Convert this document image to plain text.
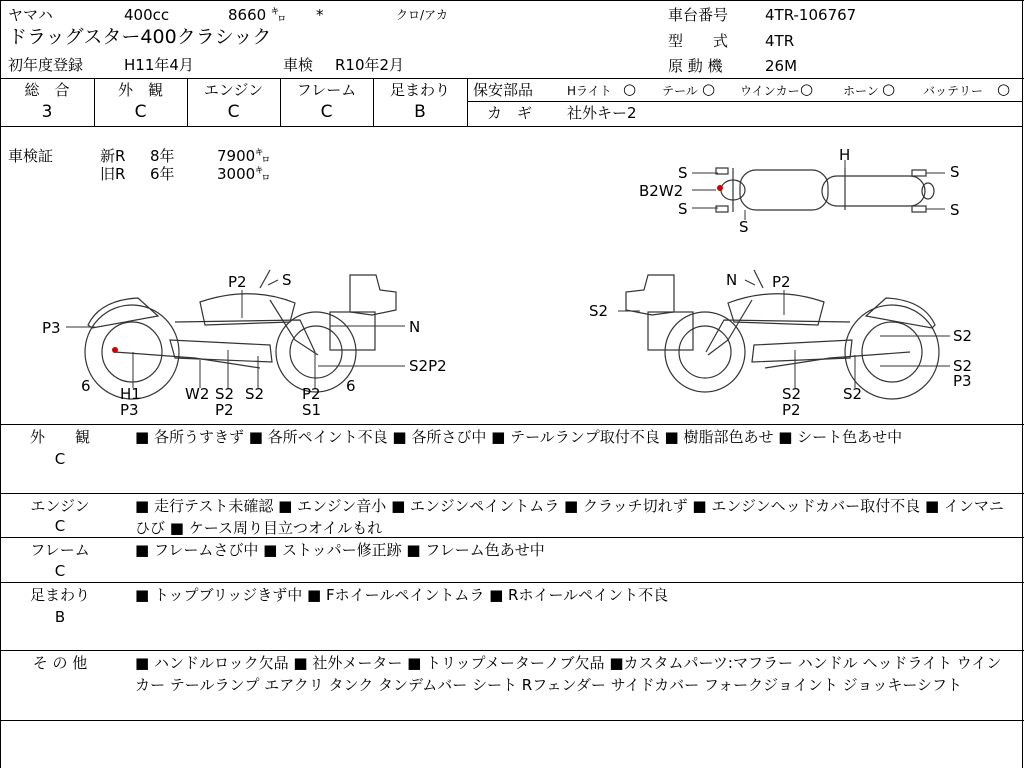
ヤマハ	400cc	8660 ㌔ *	クロ/アカ
ドラッグスター400クラシック
初年度登録	H11年4月	車検 R10年2月
車台番号 4TR-106767
型　　式 4TR
原 動 機	26M
総　合	外　観	エンジン	フレーム	足まわり
3	C	C	C	B
保安部品	Hライト ○ テール ○ ウインカー ○ ホーン ○ バッテリー ○
カ　ギ 社外キー2
車検証	新R 8年	7900㌔
旧R 6年	3000㌔	S
B2W2
S
H
S
S
S
P2 S
P3	N
S2P2
6 H1
P3
W2
P2
S2 S2	P2
S1
6
N P2
S2
S2
S2
P3
S2
P2
S2
外　　観
C
■ 各所うすきず ■ 各所ペイント不良 ■ 各所さび中 ■ テールランプ取付不良 ■ 樹脂部色あせ ■ シート色あせ中
エンジン
C
■ 走行テスト未確認 ■ エンジン音小 ■ エンジンペイントムラ ■ クラッチ切れず ■ エンジンヘッドカバー取付不良 ■ インマニひび ■ ケース周り目立つオイルもれ
フレーム
C
■ フレームさび中 ■ ストッパー修正跡 ■ フレーム色あせ中
足まわり
B
■ トップブリッジきず中 ■ Fホイールペイントムラ ■ Rホイールペイント不良
そ の 他	■ ハンドルロック欠品 ■ 社外メーター ■ トリップメーターノブ欠品 ■カスタムパーツ:マフラー ハンドル ヘッドライト ウインカー テールランプ エアクリ タンク タンデムバー シート Rフェンダー サイドカバー フォークジョイント ジョッキーシフト
